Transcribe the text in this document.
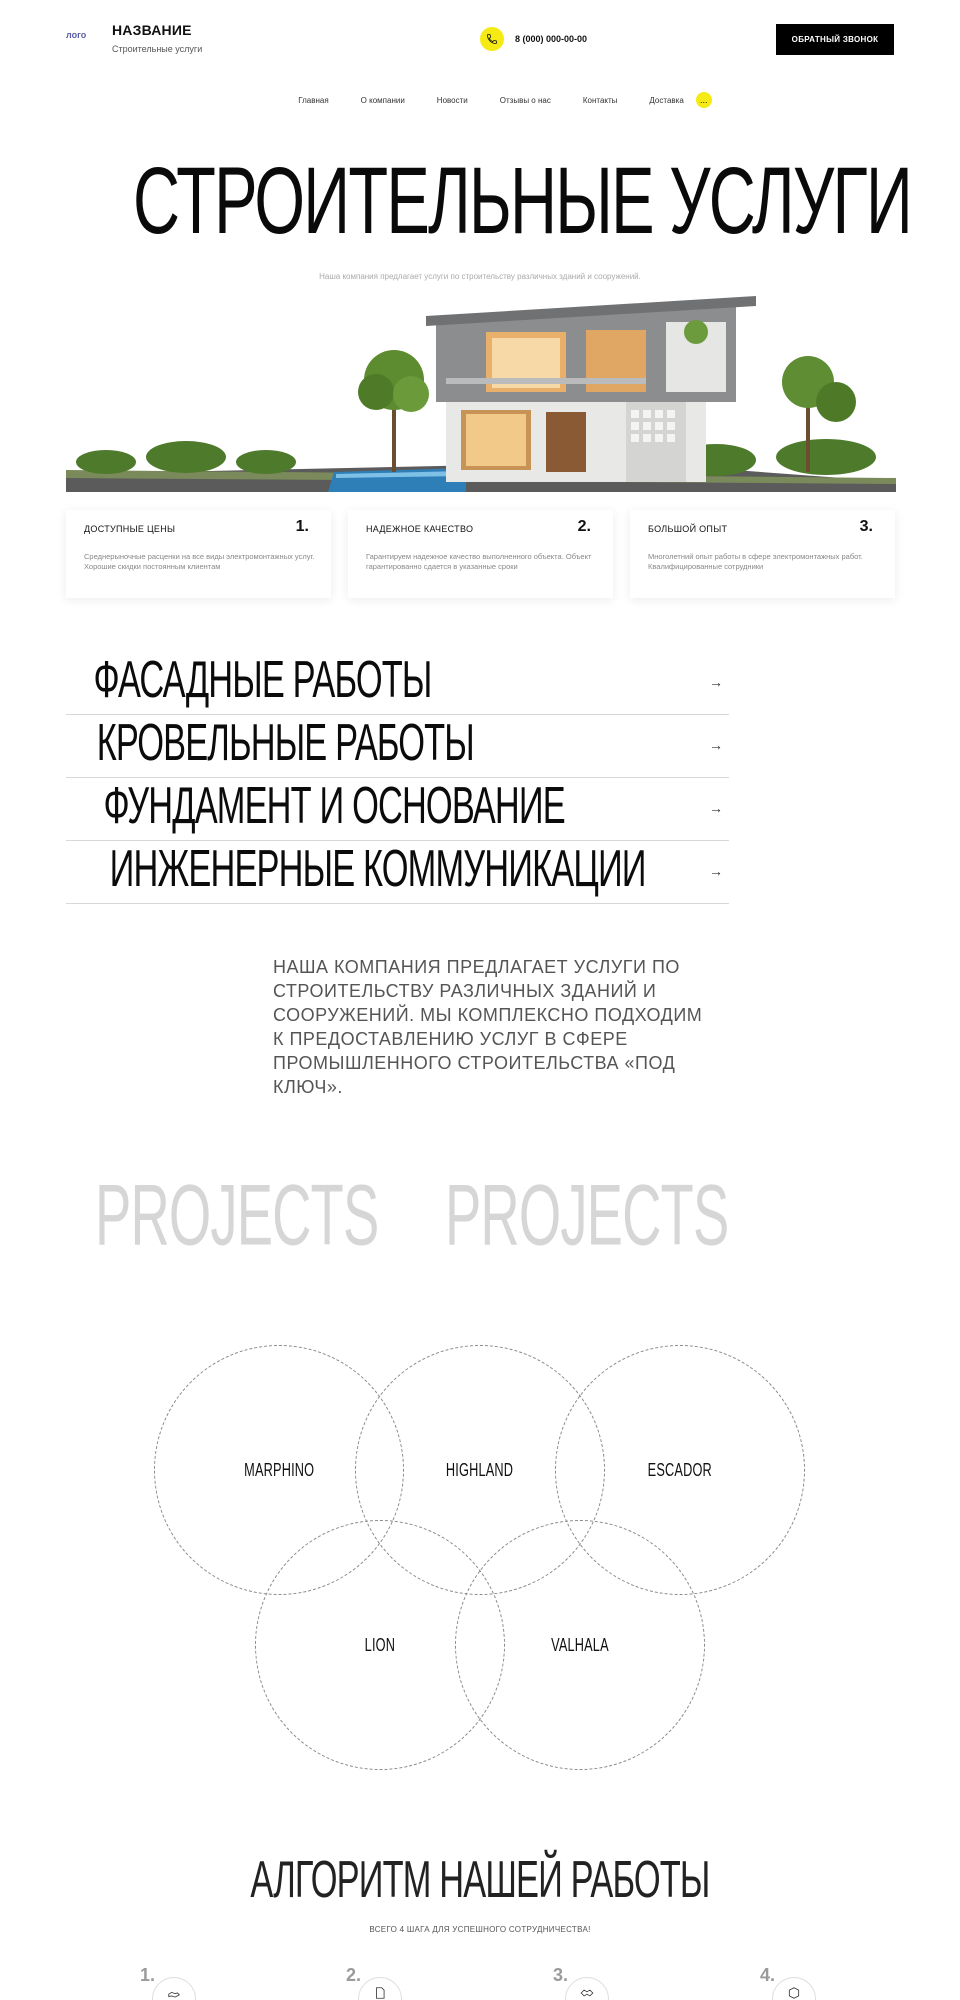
лого	НАЗВАНИЕ
Строительные услуги
8 (000) 000-00-00	ОБРАТНЫЙ ЗВОНОК
Главная	О компании	Новости	Отзывы о нас	Контакты	Доставка	...
СТРОИТЕЛЬНЫЕ УСЛУГИ
Наша компания предлагает услуги по строительству различных зданий и сооружений.
ДОСТУПНЫЕ ЦЕНЫ	1.
Среднерыночные расценки на все виды электромонтажных услуг. Хорошие скидки постоянным клиентам
НАДЕЖНОЕ КАЧЕСТВО	2.
Гарантируем надежное качество выполненного объекта. Объект гарантированно сдается в указанные сроки
БОЛЬШОЙ ОПЫТ	3.
Многолетний опыт работы в сфере электромонтажных работ. Квалифицированные сотрудники
ФАСАДНЫЕ РАБОТЫ	→
КРОВЕЛЬНЫЕ РАБОТЫ	→
ФУНДАМЕНТ И ОСНОВАНИЕ	→
ИНЖЕНЕРНЫЕ КОММУНИКАЦИИ	→
НАША КОМПАНИЯ ПРЕДЛАГАЕТ УСЛУГИ ПО СТРОИТЕЛЬСТВУ РАЗЛИЧНЫХ ЗДАНИЙ И СООРУЖЕНИЙ. МЫ КОМПЛЕКСНО ПОДХОДИМ К ПРЕДОСТАВЛЕНИЮ УСЛУГ В СФЕРЕ ПРОМЫШЛЕННОГО СТРОИТЕЛЬСТВА «ПОД КЛЮЧ».
PROJECTS PROJECTS
MARPHINO	HIGHLAND	ESCADOR
LION	VALHALA
АЛГОРИТМ НАШЕЙ РАБОТЫ
ВСЕГО 4 ШАГА ДЛЯ УСПЕШНОГО СОТРУДНИЧЕСТВА!
1.	2.	3.	4.
